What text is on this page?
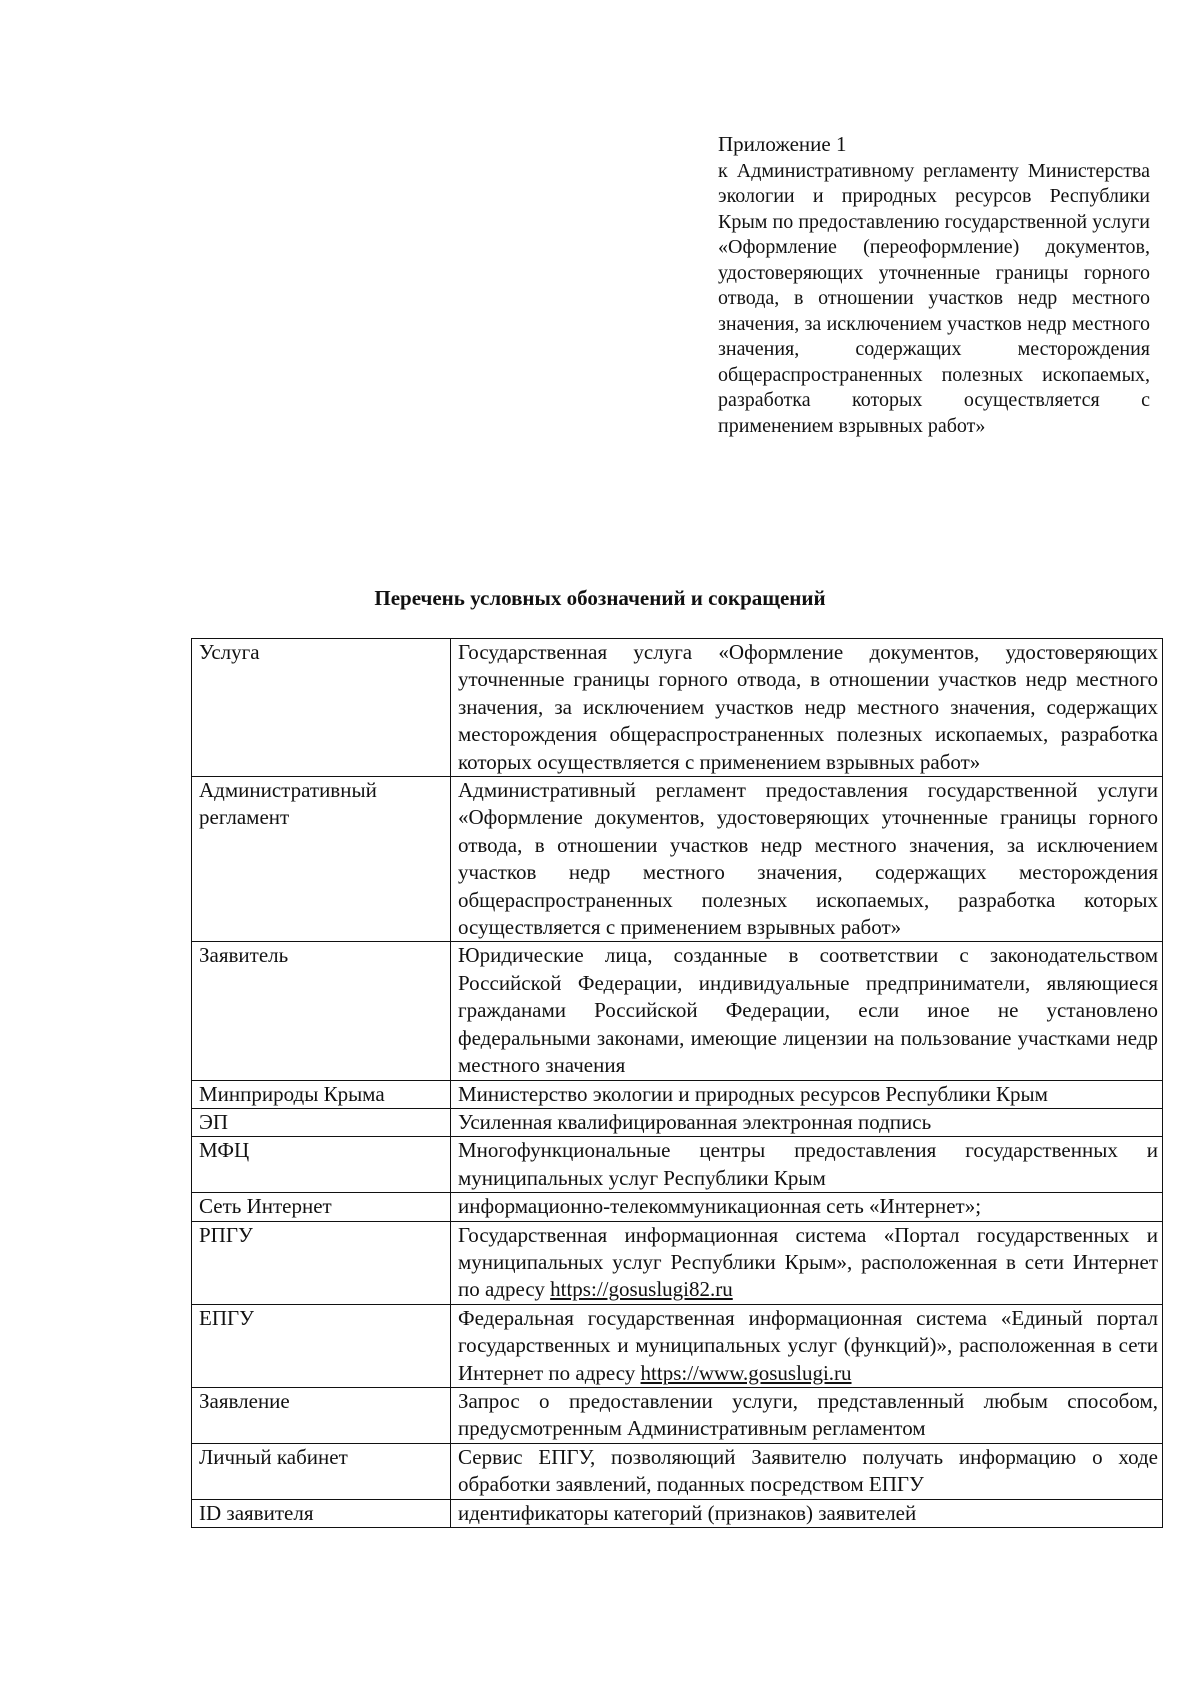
Приложение 1
к Административному регламенту Министерства экологии и природных ресурсов Республики Крым по предоставлению государственной услуги «Оформление (переоформление) документов, удостоверяющих уточненные границы горного отвода, в отношении участков недр местного значения, за исключением участков недр местного значения, содержащих месторождения общераспространенных полезных ископаемых, разработка которых осуществляется с применением взрывных работ»
Перечень условных обозначений и сокращений
Услуга	Государственная услуга «Оформление документов, удостоверяющих уточненные границы горного отвода, в отношении участков недр местного значения, за исключением участков недр местного значения, содержащих месторождения общераспространенных полезных ископаемых, разработка которых осуществляется с применением взрывных работ»
Административный регламент	Административный регламент предоставления государственной услуги «Оформление документов, удостоверяющих уточненные границы горного отвода, в отношении участков недр местного значения, за исключением участков недр местного значения, содержащих месторождения общераспространенных полезных ископаемых, разработка которых осуществляется с применением взрывных работ»
Заявитель	Юридические лица, созданные в соответствии с законодательством Российской Федерации, индивидуальные предприниматели, являющиеся гражданами Российской Федерации, если иное не установлено федеральными законами, имеющие лицензии на пользование участками недр местного значения
Минприроды Крыма	Министерство экологии и природных ресурсов Республики Крым
ЭП	Усиленная квалифицированная электронная подпись
МФЦ	Многофункциональные центры предоставления государственных и муниципальных услуг Республики Крым
Сеть Интернет	информационно-телекоммуникационная сеть «Интернет»;
РПГУ	Государственная информационная система «Портал государственных и муниципальных услуг Республики Крым», расположенная в сети Интернет по адресу https://gosuslugi82.ru
ЕПГУ	Федеральная государственная информационная система «Единый портал государственных и муниципальных услуг (функций)», расположенная в сети Интернет по адресу https://www.gosuslugi.ru
Заявление	Запрос о предоставлении услуги, представленный любым способом, предусмотренным Административным регламентом
Личный кабинет	Сервис ЕПГУ, позволяющий Заявителю получать информацию о ходе обработки заявлений, поданных посредством ЕПГУ
ID заявителя	идентификаторы категорий (признаков) заявителей
